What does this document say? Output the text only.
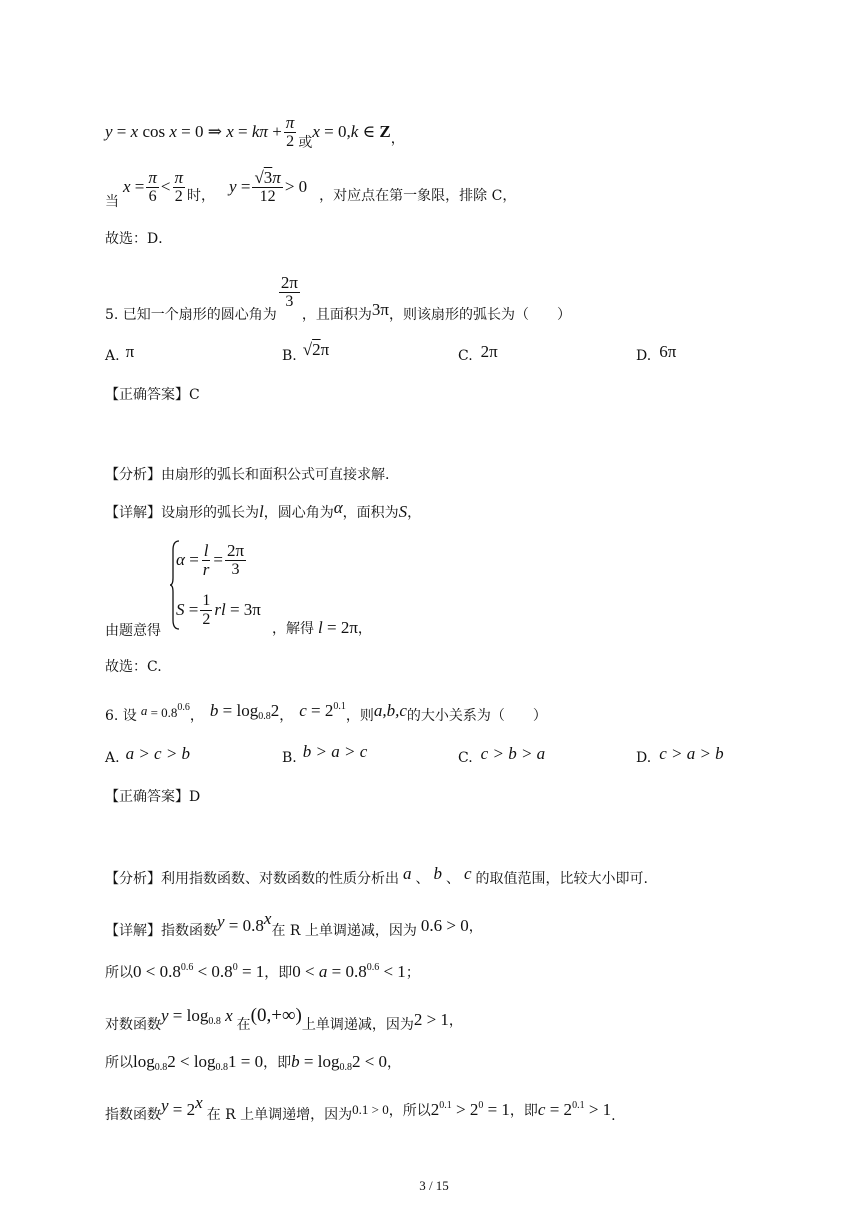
y = x cos x = 0 ⇒ $x = k\pi + \frac{\pi}{2}$ 或
x = 0, k ∈ Z ，
当
$x = \frac{\pi}{6} < \frac{\pi}{2}$ 时， $y = \frac{√3\pi}{12} > 0$ ，对应点在第一象限，排除 C，
故选：D．
5. 已知一个扇形的圆心角为
$\frac{2\pi}{3}$
，且面积为 3π ，则该扇形的弧长为（　　）
A. π	B. √2π	C. 2π	D. 6π
【正确答案】C
【分析】由扇形的弧长和面积公式可直接求解.
【详解】设扇形的弧长为 l ，圆心角为 α ，面积为 S ，
$\alpha = \frac{l}{r} = \frac{2\pi}{3}$
$S = \frac{1}{2}$ rl = 3π
由题意得	，解得 l = 2π ，
故选：C.
6. 设 $a = 0.8^{0.6}$
， $b = \log_{0.8}2$ ， $c = 2^{0.1}$
，则 a,b,c 的大小关系为（　　）
A. a > c > b	B. b > a > c	C. c > b > a	D. c > a > b
【正确答案】D
【分析】利用指数函数、对数函数的性质分析出 a 、 b 、 c 的取值范围，比较大小即可.
【详解】指数函数 $y = 0.8^x$
在 R 上单调递减，因为 0.6 > 0 ，
所以 $0 < 0.8^{0.6} < 0.8^0 = 1$ ，即 $0 < a = 0.8^{0.6} < 1$ ；
对数函数 $y = \log_{0.8} x$ 在 (0,+∞) 上单调递减，因为 2 > 1 ，
所以 $\log_{0.8}2 < \log_{0.8}1 = 0$ ，即 $b = \log_{0.8}2 < 0$ ，
指数函数 $y = 2^x$
在 R 上单调递增，因为 0.1 > 0 ，所以 $2^{0.1} > 2^0 = 1$ ，即 $c = 2^{0.1} > 1$ .
3 / 15
